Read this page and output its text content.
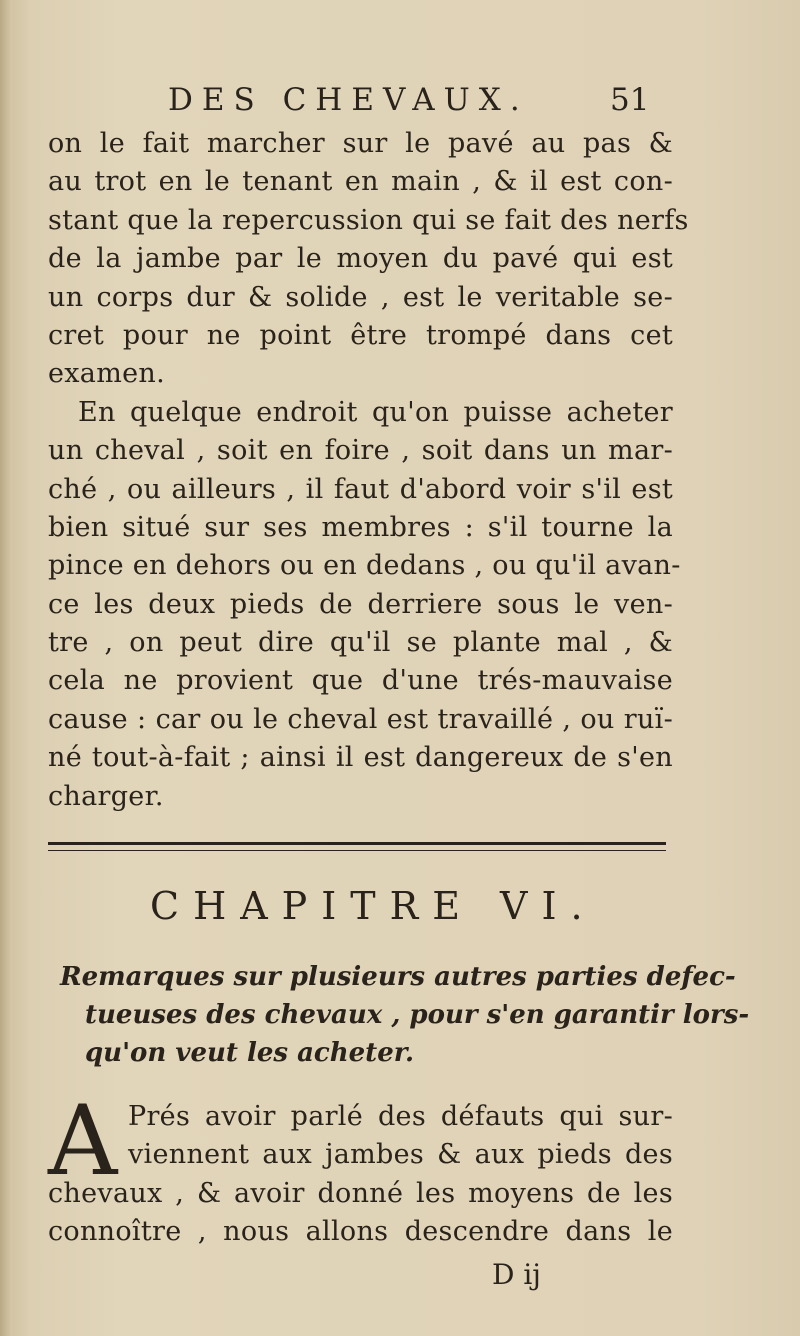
DES CHEVAUX.	51
on le fait marcher sur le pavé au pas &
au trot en le tenant en main , & il est con-
stant que la repercussion qui se fait des nerfs
de la jambe par le moyen du pavé qui est
un corps dur & solide , est le veritable se-
cret pour ne point être trompé dans cet
examen.
En quelque endroit qu'on puisse acheter
un cheval , soit en foire , soit dans un mar-
ché , ou ailleurs , il faut d'abord voir s'il est
bien situé sur ses membres : s'il tourne la
pince en dehors ou en dedans , ou qu'il avan-
ce les deux pieds de derriere sous le ven-
tre , on peut dire qu'il se plante mal , &
cela ne provient que d'une trés-mauvaise
cause : car ou le cheval est travaillé , ou ruï-
né tout-à-fait ; ainsi il est dangereux de s'en
charger.
CHAPITRE VI.
Remarques sur plusieurs autres parties defec-
tueuses des chevaux , pour s'en garantir lors-
qu'on veut les acheter.
A Prés avoir parlé des défauts qui sur-
viennent aux jambes & aux pieds des
chevaux , & avoir donné les moyens de les
connoître , nous allons descendre dans le
D ij
